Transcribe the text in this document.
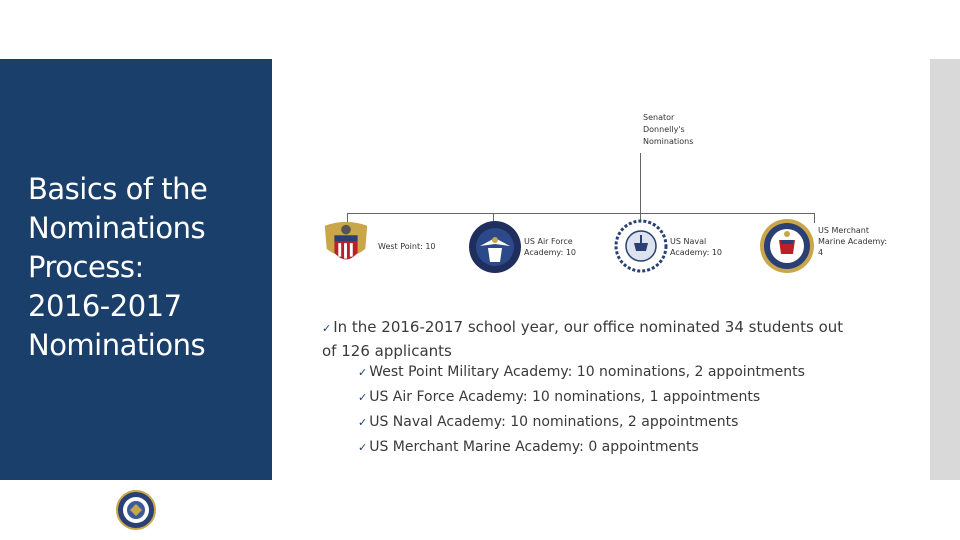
Basics of the
Nominations
Process:
2016-2017
Nominations
Senator
Donnelly's
Nominations
West Point: 10
US Air Force
Academy: 10
US Naval
Academy: 10
US Merchant
Marine Academy:
4
✓ In the 2016-2017 school year, our office nominated 34 students out of 126 applicants
✓ West Point Military Academy: 10 nominations, 2 appointments
✓ US Air Force Academy: 10 nominations, 1 appointments
✓ US Naval Academy: 10 nominations, 2 appointments
✓ US Merchant Marine Academy: 0 appointments
